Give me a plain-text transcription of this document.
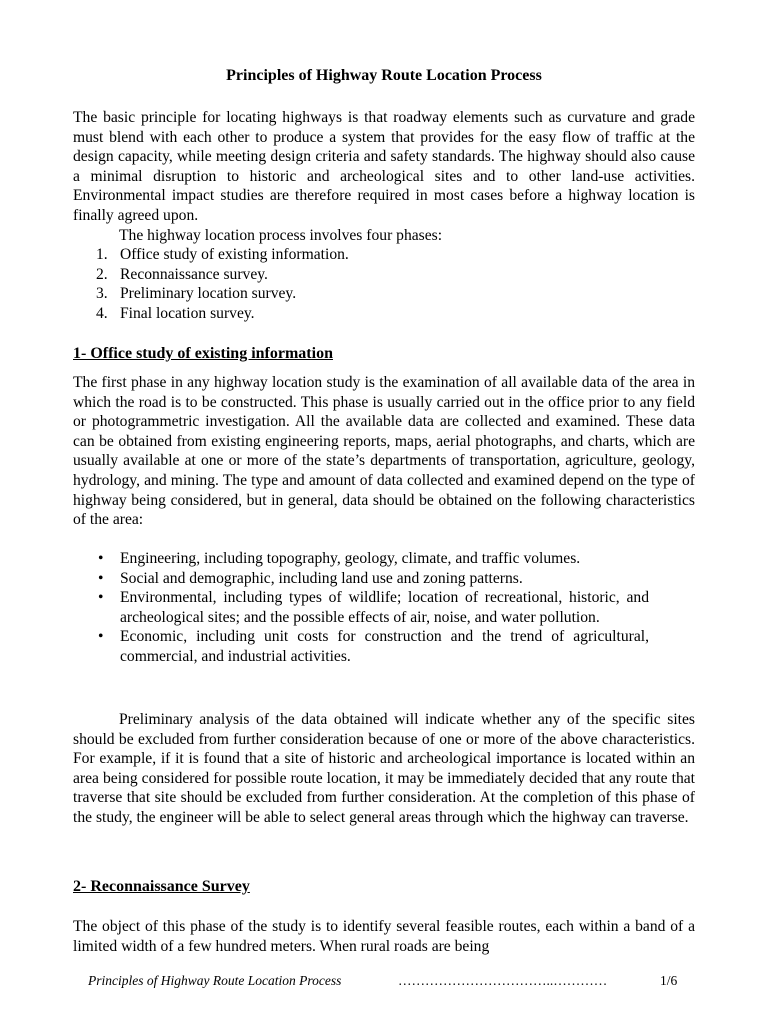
Principles of Highway Route Location Process

The basic principle for locating highways is that roadway elements such as curvature and grade must blend with each other to produce a system that provides for the easy flow of traffic at the design capacity, while meeting design criteria and safety standards. The highway should also cause a minimal disruption to historic and archeological sites and to other land-use activities. Environmental impact studies are therefore required in most cases before a highway location is finally agreed upon.

The highway location process involves four phases:

1. Office study of existing information.
2. Reconnaissance survey.
3. Preliminary location survey.
4. Final location survey.
1- Office study of existing information

The first phase in any highway location study is the examination of all available data of the area in which the road is to be constructed. This phase is usually carried out in the office prior to any field or photogrammetric investigation. All the available data are collected and examined. These data can be obtained from existing engineering reports, maps, aerial photographs, and charts, which are usually available at one or more of the state’s departments of transportation, agriculture, geology, hydrology, and mining. The type and amount of data collected and examined depend on the type of highway being considered, but in general, data should be obtained on the following characteristics of the area:

• Engineering, including topography, geology, climate, and traffic volumes.
• Social and demographic, including land use and zoning patterns.
• Environmental, including types of wildlife; location of recreational, historic, and archeological sites; and the possible effects of air, noise, and water pollution.
• Economic, including unit costs for construction and the trend of agricultural, commercial, and industrial activities.

Preliminary analysis of the data obtained will indicate whether any of the specific sites should be excluded from further consideration because of one or more of the above characteristics. For example, if it is found that a site of historic and archeological importance is located within an area being considered for possible route location, it may be immediately decided that any route that traverse that site should be excluded from further consideration. At the completion of this phase of the study, the engineer will be able to select general areas through which the highway can traverse.

2- Reconnaissance Survey

The object of this phase of the study is to identify several feasible routes, each within a band of a limited width of a few hundred meters. When rural roads are being

Principles of Highway Route Location Process	……………………………..…………	1/6
